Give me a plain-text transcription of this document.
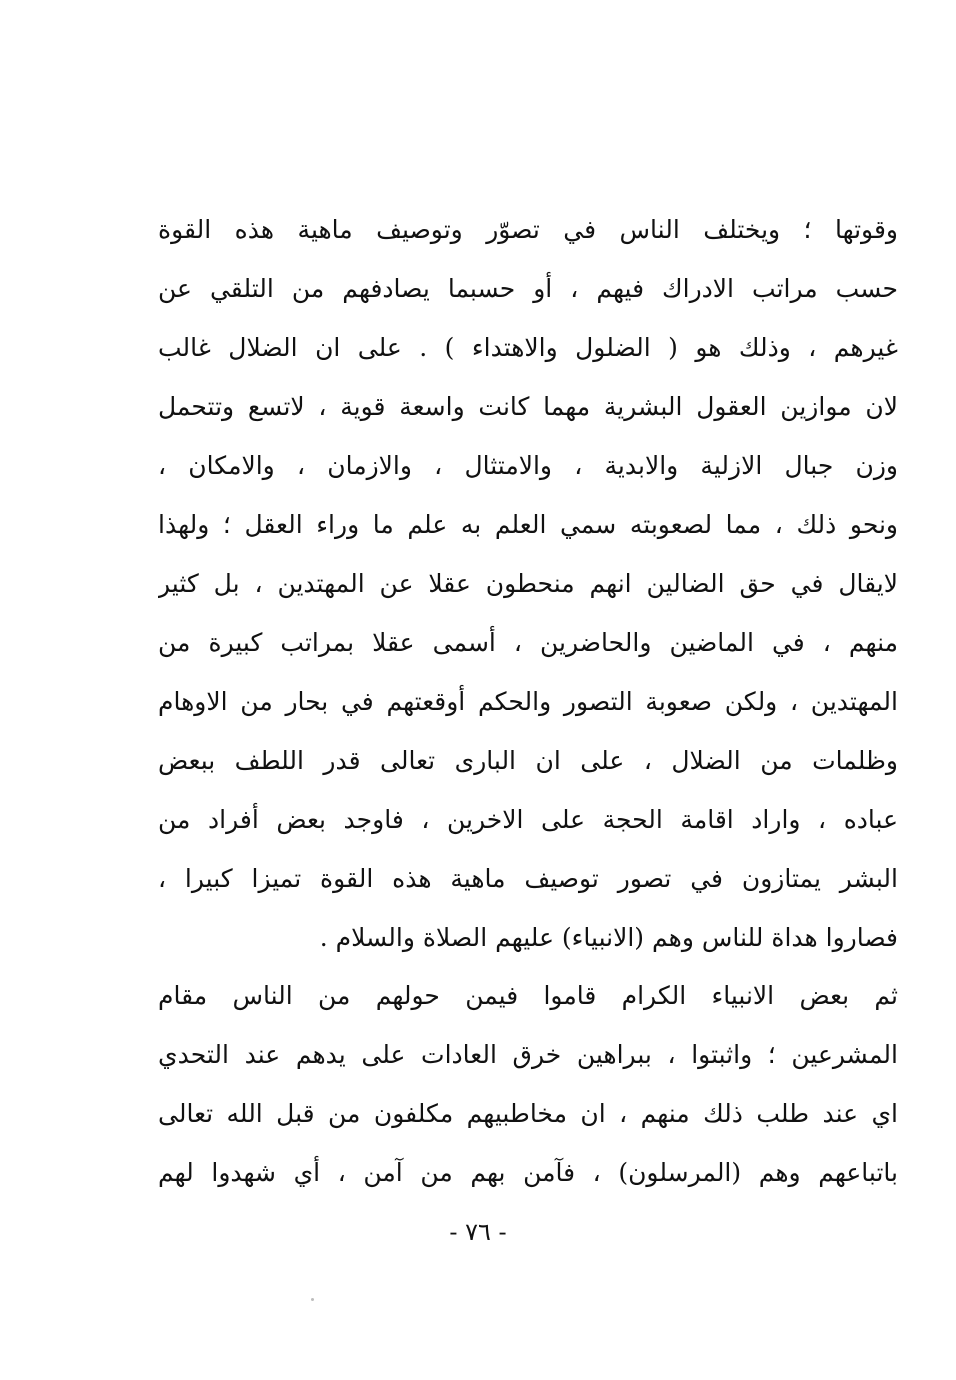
وقوتها ؛ ويختلف الناس في تصوّر وتوصيف ماهية هذه القوة
حسب مراتب الادراك فيهم ، أو حسبما يصادفهم من التلقي عن
غيرهم ، وذلك هو ( الضلول والاهتداء ) . على ان الضلال غالب
لان موازين العقول البشرية مهما كانت واسعة قوية ، لاتسع وتتحمل
وزن جبال الازلية والابدية ، والامتثال ، والازمان ، والامكان ،
ونحو ذلك ، مما لصعوبته سمي العلم به علم ما وراء العقل ؛ ولهذا
لايقال في حق الضالين انهم منحطون عقلا عن المهتدين ، بل كثير
منهم ، في الماضين والحاضرين ، أسمى عقلا بمراتب كبيرة من
المهتدين ، ولكن صعوبة التصور والحكم أوقعتهم في بحار من الاوهام
وظلمات من الضلال ، على ان البارى تعالى قدر اللطف ببعض
عباده ، واراد اقامة الحجة على الاخرين ، فاوجد بعض أفراد من
البشر يمتازون في تصور توصيف ماهية هذه القوة تميزا كبيرا ،
فصاروا هداة للناس وهم (الانبياء) عليهم الصلاة والسلام .
ثم بعض الانبياء الكرام قاموا فيمن حولهم من الناس مقام
المشرعين ؛ واثبتوا ، ببراهين خرق العادات على يدهم عند التحدي
اي عند طلب ذلك منهم ، ان مخاطبيهم مكلفون من قبل الله تعالى
باتباعهم وهم (المرسلون) ، فآمن بهم من آمن ، أي شهدوا لهم
- ٧٦ -
